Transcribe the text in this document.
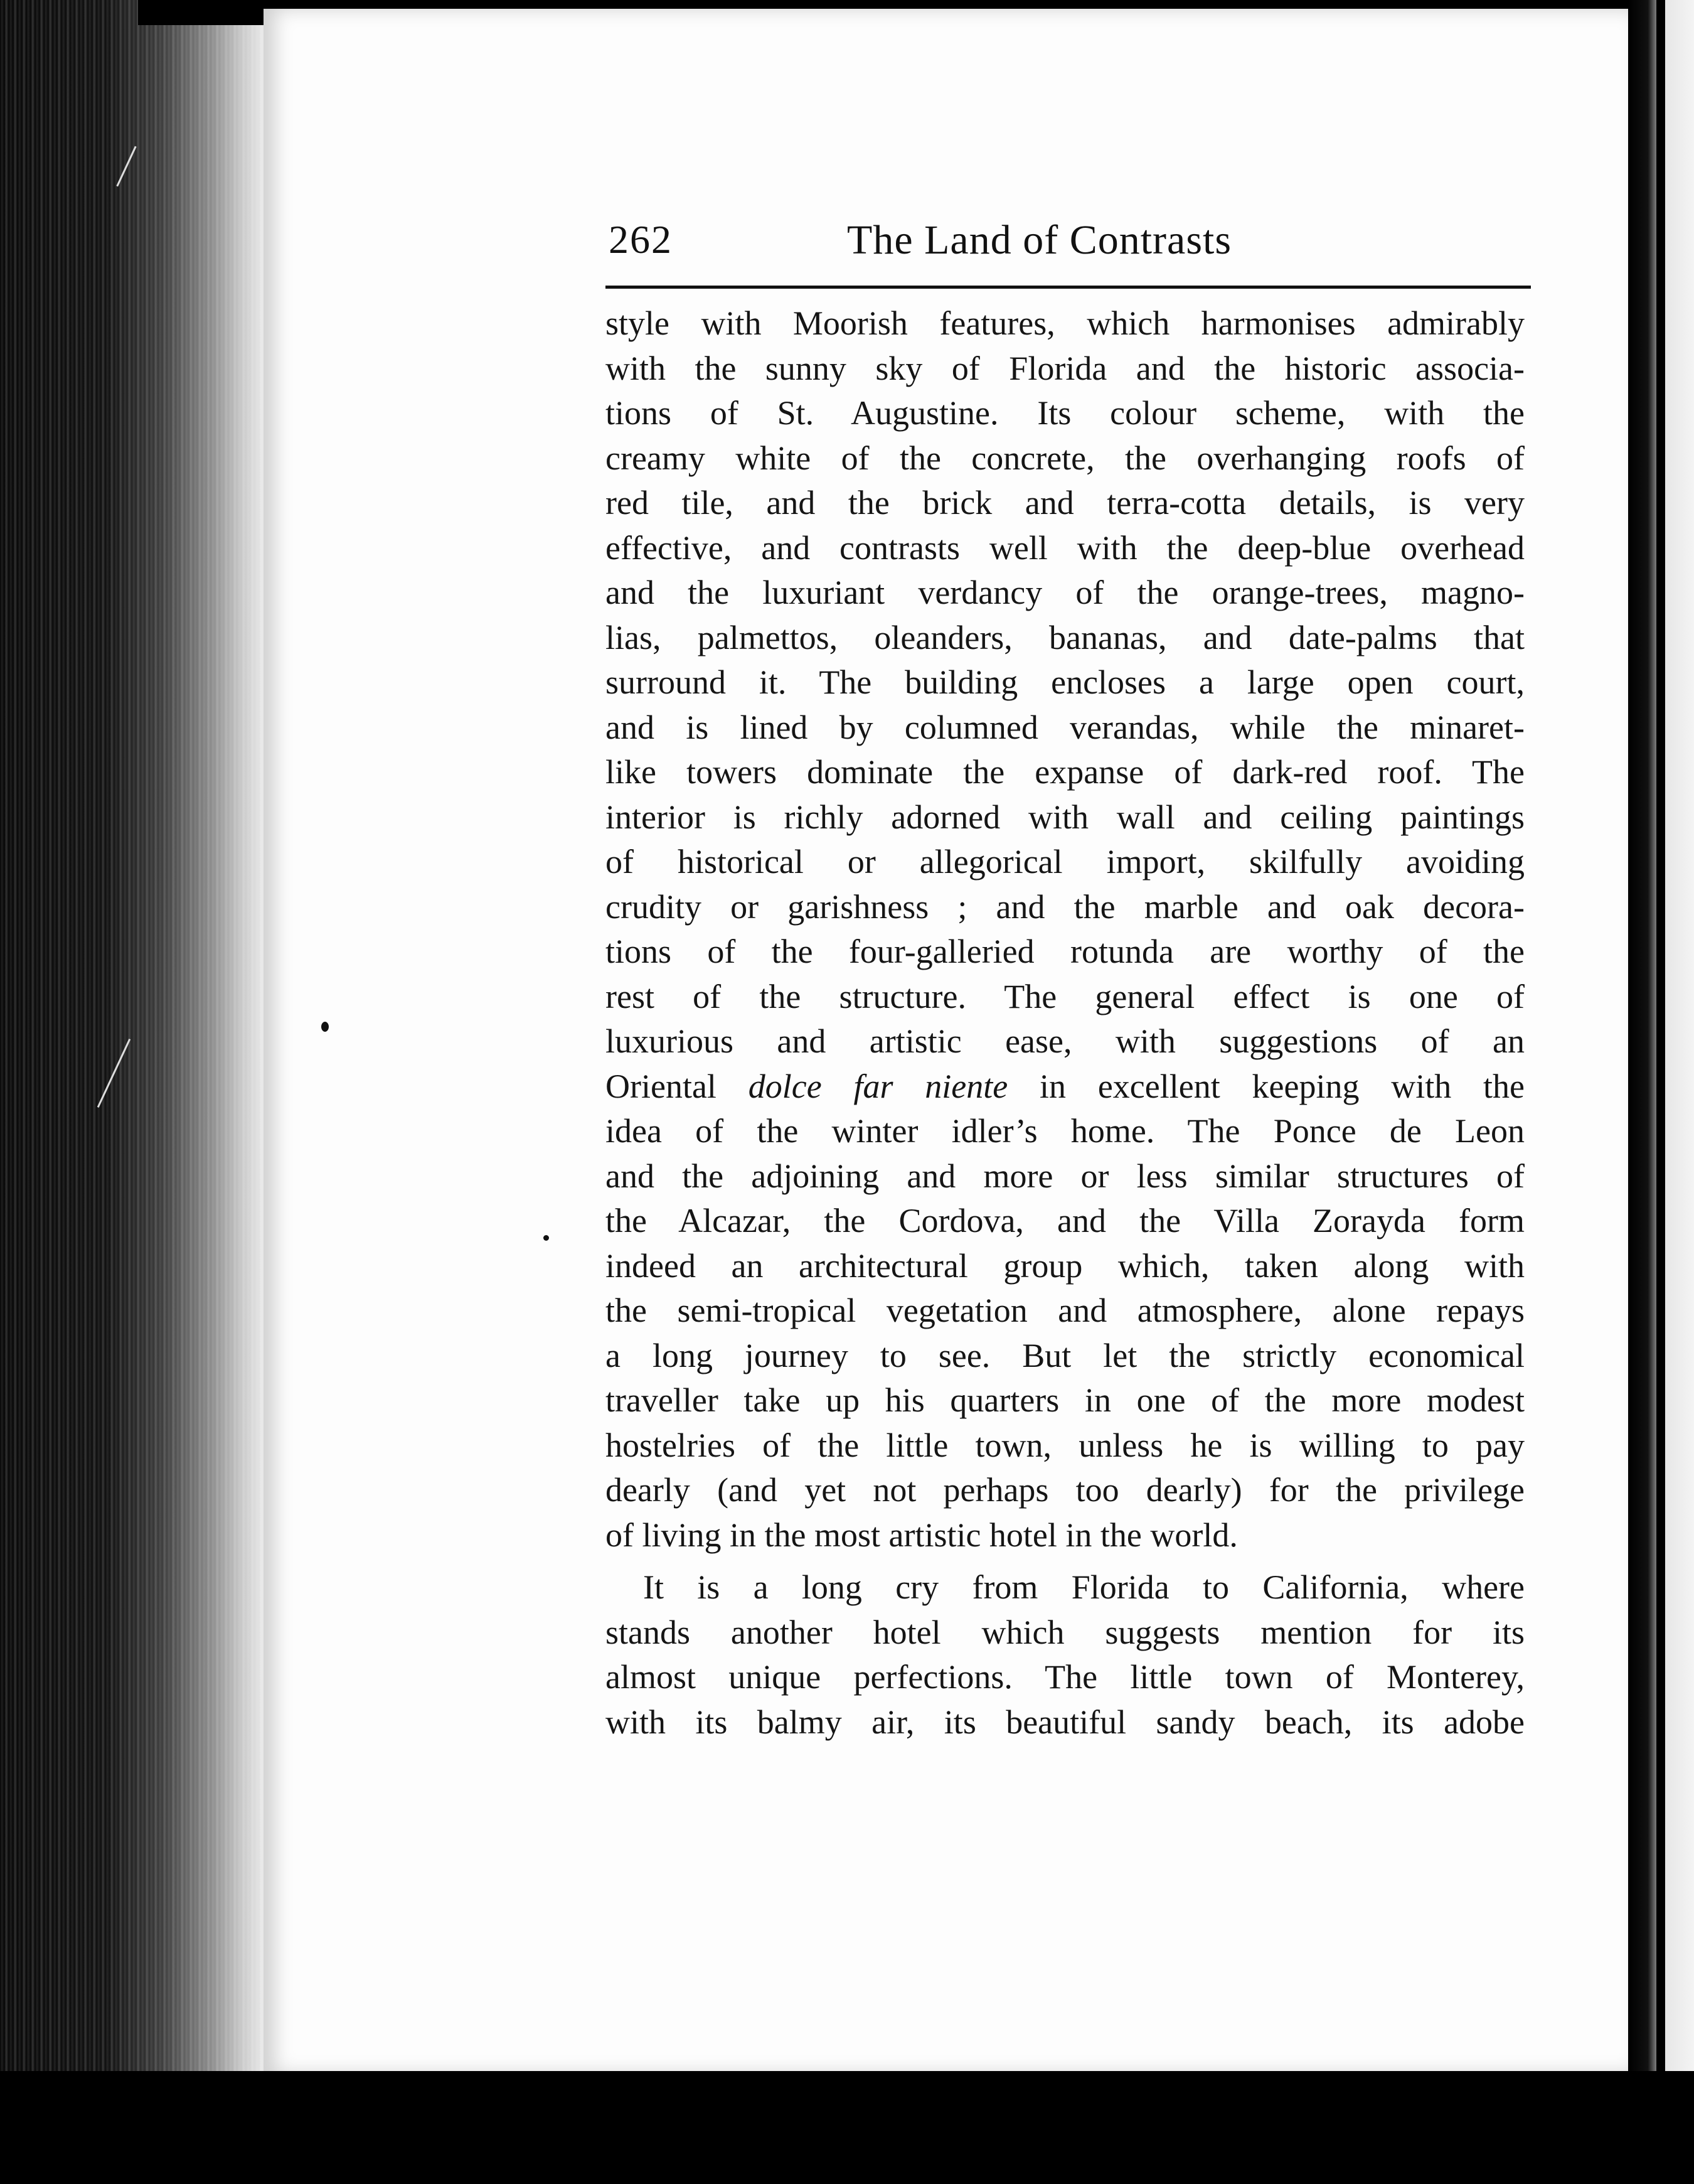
262	The Land of Contrasts
style with Moorish features, which harmonises admirably
with the sunny sky of Florida and the historic associa-
tions of St. Augustine. Its colour scheme, with the
creamy white of the concrete, the overhanging roofs of
red tile, and the brick and terra-cotta details, is very
effective, and contrasts well with the deep-blue overhead
and the luxuriant verdancy of the orange-trees, magno-
lias, palmettos, oleanders, bananas, and date-palms that
surround it. The building encloses a large open court,
and is lined by columned verandas, while the minaret-
like towers dominate the expanse of dark-red roof. The
interior is richly adorned with wall and ceiling paintings
of historical or allegorical import, skilfully avoiding
crudity or garishness ; and the marble and oak decora-
tions of the four-galleried rotunda are worthy of the
rest of the structure. The general effect is one of
luxurious and artistic ease, with suggestions of an
Oriental dolce far niente in excellent keeping with the
idea of the winter idler’s home. The Ponce de Leon
and the adjoining and more or less similar structures of
the Alcazar, the Cordova, and the Villa Zorayda form
indeed an architectural group which, taken along with
the semi-tropical vegetation and atmosphere, alone repays
a long journey to see. But let the strictly economical
traveller take up his quarters in one of the more modest
hostelries of the little town, unless he is willing to pay
dearly (and yet not perhaps too dearly) for the privilege
of living in the most artistic hotel in the world.
It is a long cry from Florida to California, where
stands another hotel which suggests mention for its
almost unique perfections. The little town of Monterey,
with its balmy air, its beautiful sandy beach, its adobe
